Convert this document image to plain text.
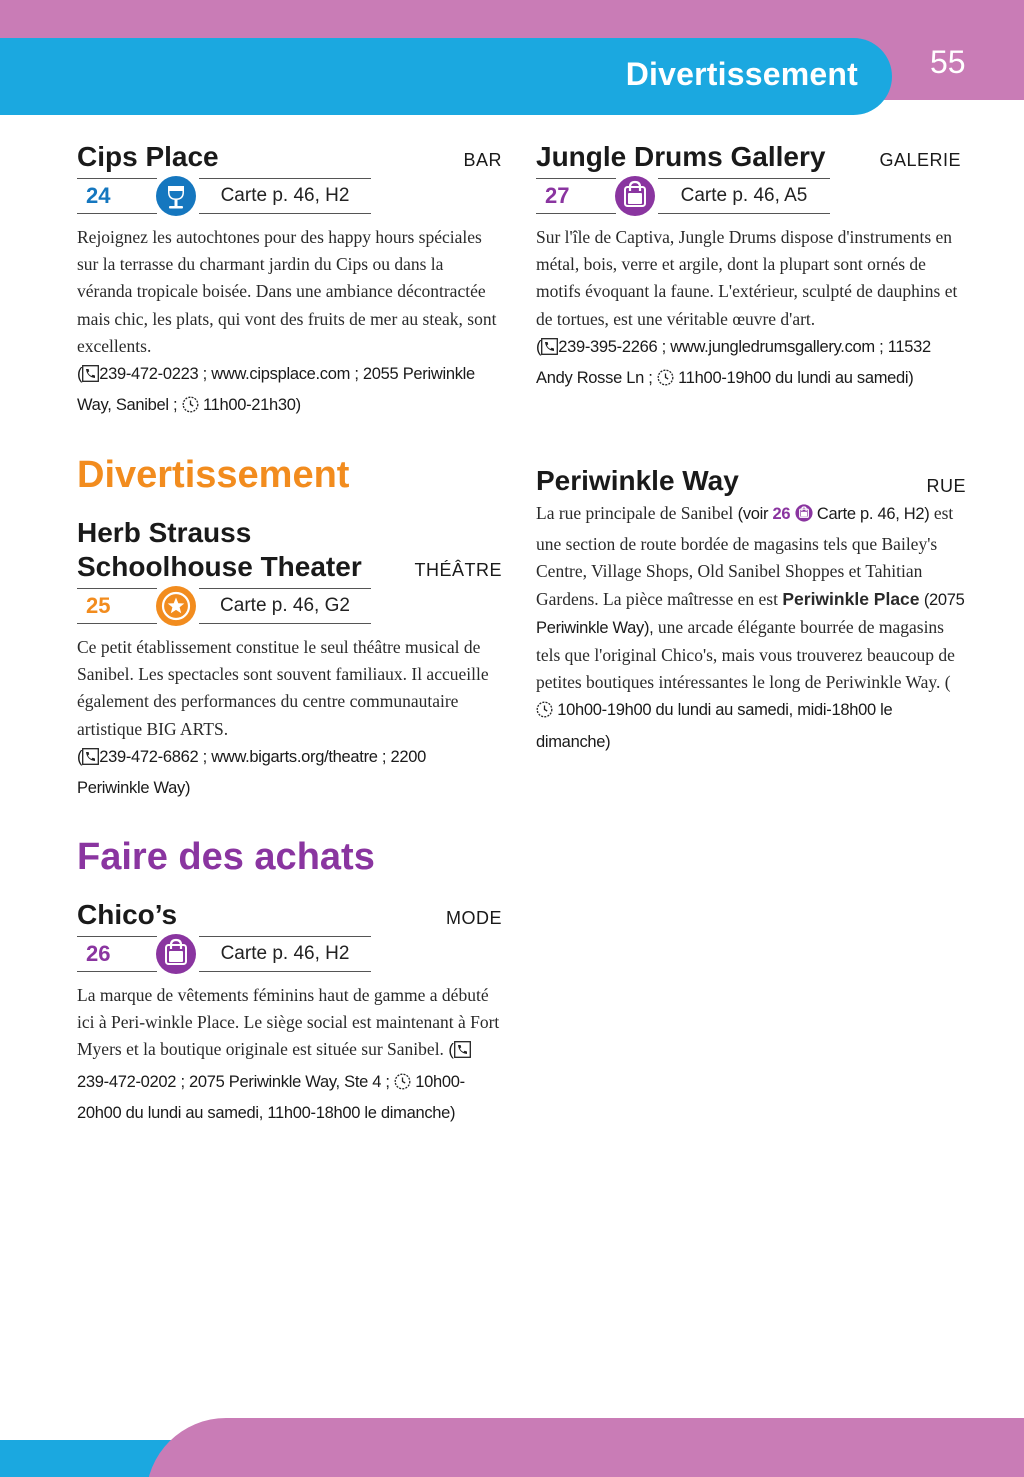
Divertissement 55
Cips Place	BAR
24	Carte p. 46, H2
Rejoignez les autochtones pour des happy hours spéciales sur la terrasse du charmant jardin du Cips ou dans la véranda tropicale boisée. Dans une ambiance décontractée mais chic, les plats, qui vont des fruits de mer au steak, sont excellents.
( 239-472-0223 ; www.cipsplace.com ; 2055 Periwinkle Way, Sanibel ;  11h00-21h30)
Divertissement
Herb Strauss
Schoolhouse Theater	THÉÂTRE
25	Carte p. 46, G2
Ce petit établissement constitue le seul théâtre musical de Sanibel. Les spectacles sont souvent familiaux. Il accueille également des performances du centre communautaire artistique BIG ARTS.
( 239-472-6862 ; www.bigarts.org/theatre ; 2200 Periwinkle Way)
Faire des achats
Chico’s	MODE
26	Carte p. 46, H2
La marque de vêtements féminins haut de gamme a débuté ici à Peri-winkle Place. Le siège social est maintenant à Fort Myers et la boutique originale est située sur Sanibel. (239-472-0202 ; 2075 Periwinkle Way, Ste 4 ;  10h00-20h00 du lundi au samedi, 11h00-18h00 le dimanche)
Jungle Drums Gallery	GALERIE
27	Carte p. 46, A5
Sur l'île de Captiva, Jungle Drums dispose d'instruments en métal, bois, verre et argile, dont la plupart sont ornés de motifs évoquant la faune. L'extérieur, sculpté de dauphins et de tortues, est une véritable œuvre d'art.
( 239-395-2266 ; www.jungledrumsgallery.com ; 11532 Andy Rosse Ln ;  11h00-19h00 du lundi au samedi)
Periwinkle Way	RUE
La rue principale de Sanibel (voir 26  Carte p. 46, H2) est une section de route bordée de magasins tels que Bailey's Centre, Village Shops, Old Sanibel Shoppes et Tahitian Gardens. La pièce maîtresse en est Periwinkle Place (2075 Periwinkle Way), une arcade élégante bourrée de magasins tels que l'original Chico's, mais vous trouverez beaucoup de petites boutiques intéressantes le long de Periwinkle Way. ( 10h00-19h00 du lundi au samedi, midi-18h00 le dimanche)
